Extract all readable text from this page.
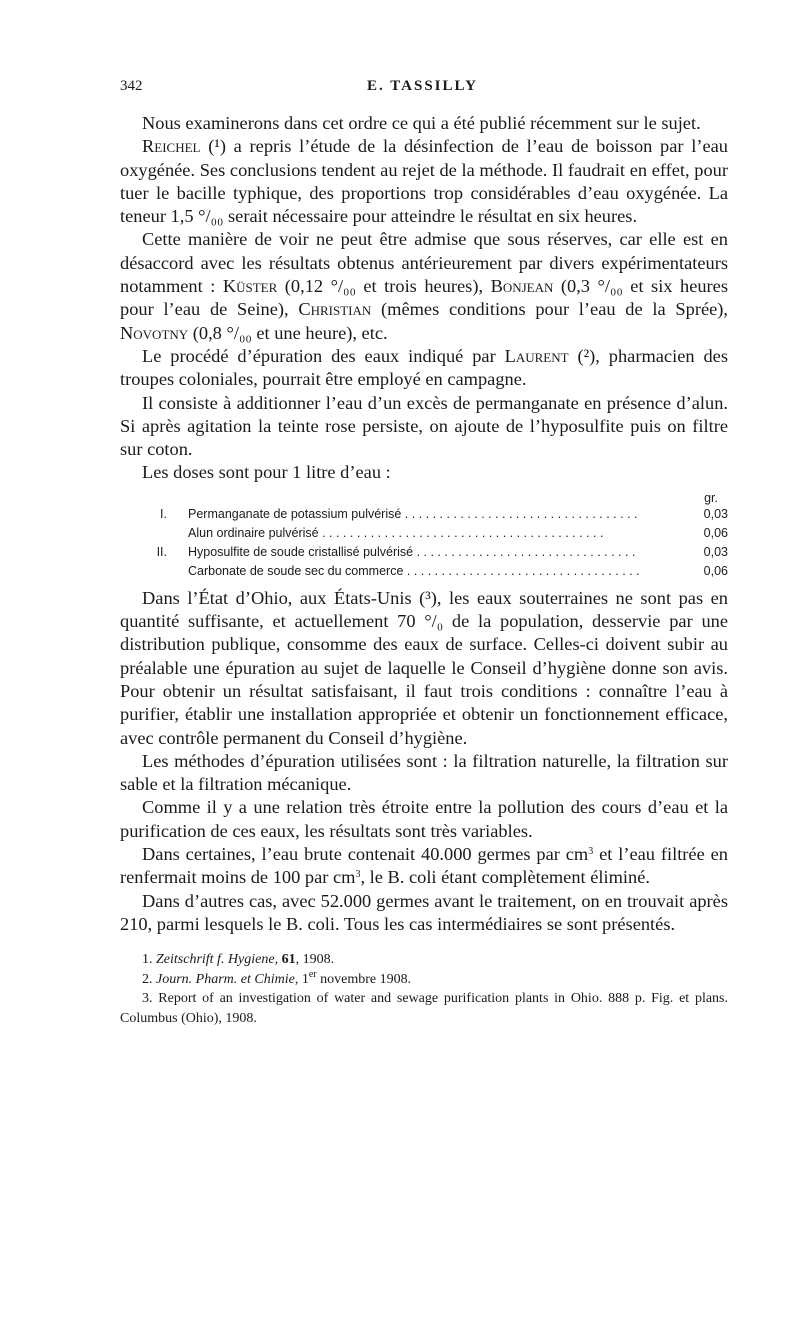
342	E. TASSILLY

Nous examinerons dans cet ordre ce qui a été publié récemment sur le sujet.

Reichel (¹) a repris l’étude de la désinfection de l’eau de boisson par l’eau oxygénée. Ses conclusions tendent au rejet de la méthode. Il faudrait en effet, pour tuer le bacille typhique, des proportions trop considérables d’eau oxygénée. La teneur 1,5 °/₀₀ serait nécessaire pour atteindre le résultat en six heures.

Cette manière de voir ne peut être admise que sous réserves, car elle est en désaccord avec les résultats obtenus antérieurement par divers expérimentateurs notamment : Küster (0,12 °/₀₀ et trois heures), Bonjean (0,3 °/₀₀ et six heures pour l’eau de Seine), Christian (mêmes conditions pour l’eau de la Sprée), Novotny (0,8 °/₀₀ et une heure), etc.

Le procédé d’épuration des eaux indiqué par Laurent (²), pharmacien des troupes coloniales, pourrait être employé en campagne.

Il consiste à additionner l’eau d’un excès de permanganate en présence d’alun. Si après agitation la teinte rose persiste, on ajoute de l’hyposulfite puis on filtre sur coton.

Les doses sont pour 1 litre d’eau :

gr.
I. Permanganate de potassium pulvérisé . . .	0,03
Alun ordinaire pulvérisé . . .	0,06
II. Hyposulfite de soude cristallisé pulvérisé . . .	0,03
Carbonate de soude sec du commerce . . .	0,06

Dans l’État d’Ohio, aux États-Unis (³), les eaux souterraines ne sont pas en quantité suffisante, et actuellement 70 °/₀ de la population, desservie par une distribution publique, consomme des eaux de surface. Celles-ci doivent subir au préalable une épuration au sujet de laquelle le Conseil d’hygiène donne son avis. Pour obtenir un résultat satisfaisant, il faut trois conditions : connaître l’eau à purifier, établir une installation appropriée et obtenir un fonctionnement efficace, avec contrôle permanent du Conseil d’hygiène.

Les méthodes d’épuration utilisées sont : la filtration naturelle, la filtration sur sable et la filtration mécanique.

Comme il y a une relation très étroite entre la pollution des cours d’eau et la purification de ces eaux, les résultats sont très variables.

Dans certaines, l’eau brute contenait 40.000 germes par $cm^3$ et l’eau filtrée en renfermait moins de 100 par $cm^3$, le B. coli étant complètement éliminé.

Dans d’autres cas, avec 52.000 germes avant le traitement, on en trouvait après 210, parmi lesquels le B. coli. Tous les cas intermédiaires se sont présentés.

1. Zeitschrift f. Hygiene, 61, 1908.
2. Journ. Pharm. et Chimie, 1er novembre 1908.
3. Report of an investigation of water and sewage purification plants in Ohio. 888 p. Fig. et plans. Columbus (Ohio), 1908.
